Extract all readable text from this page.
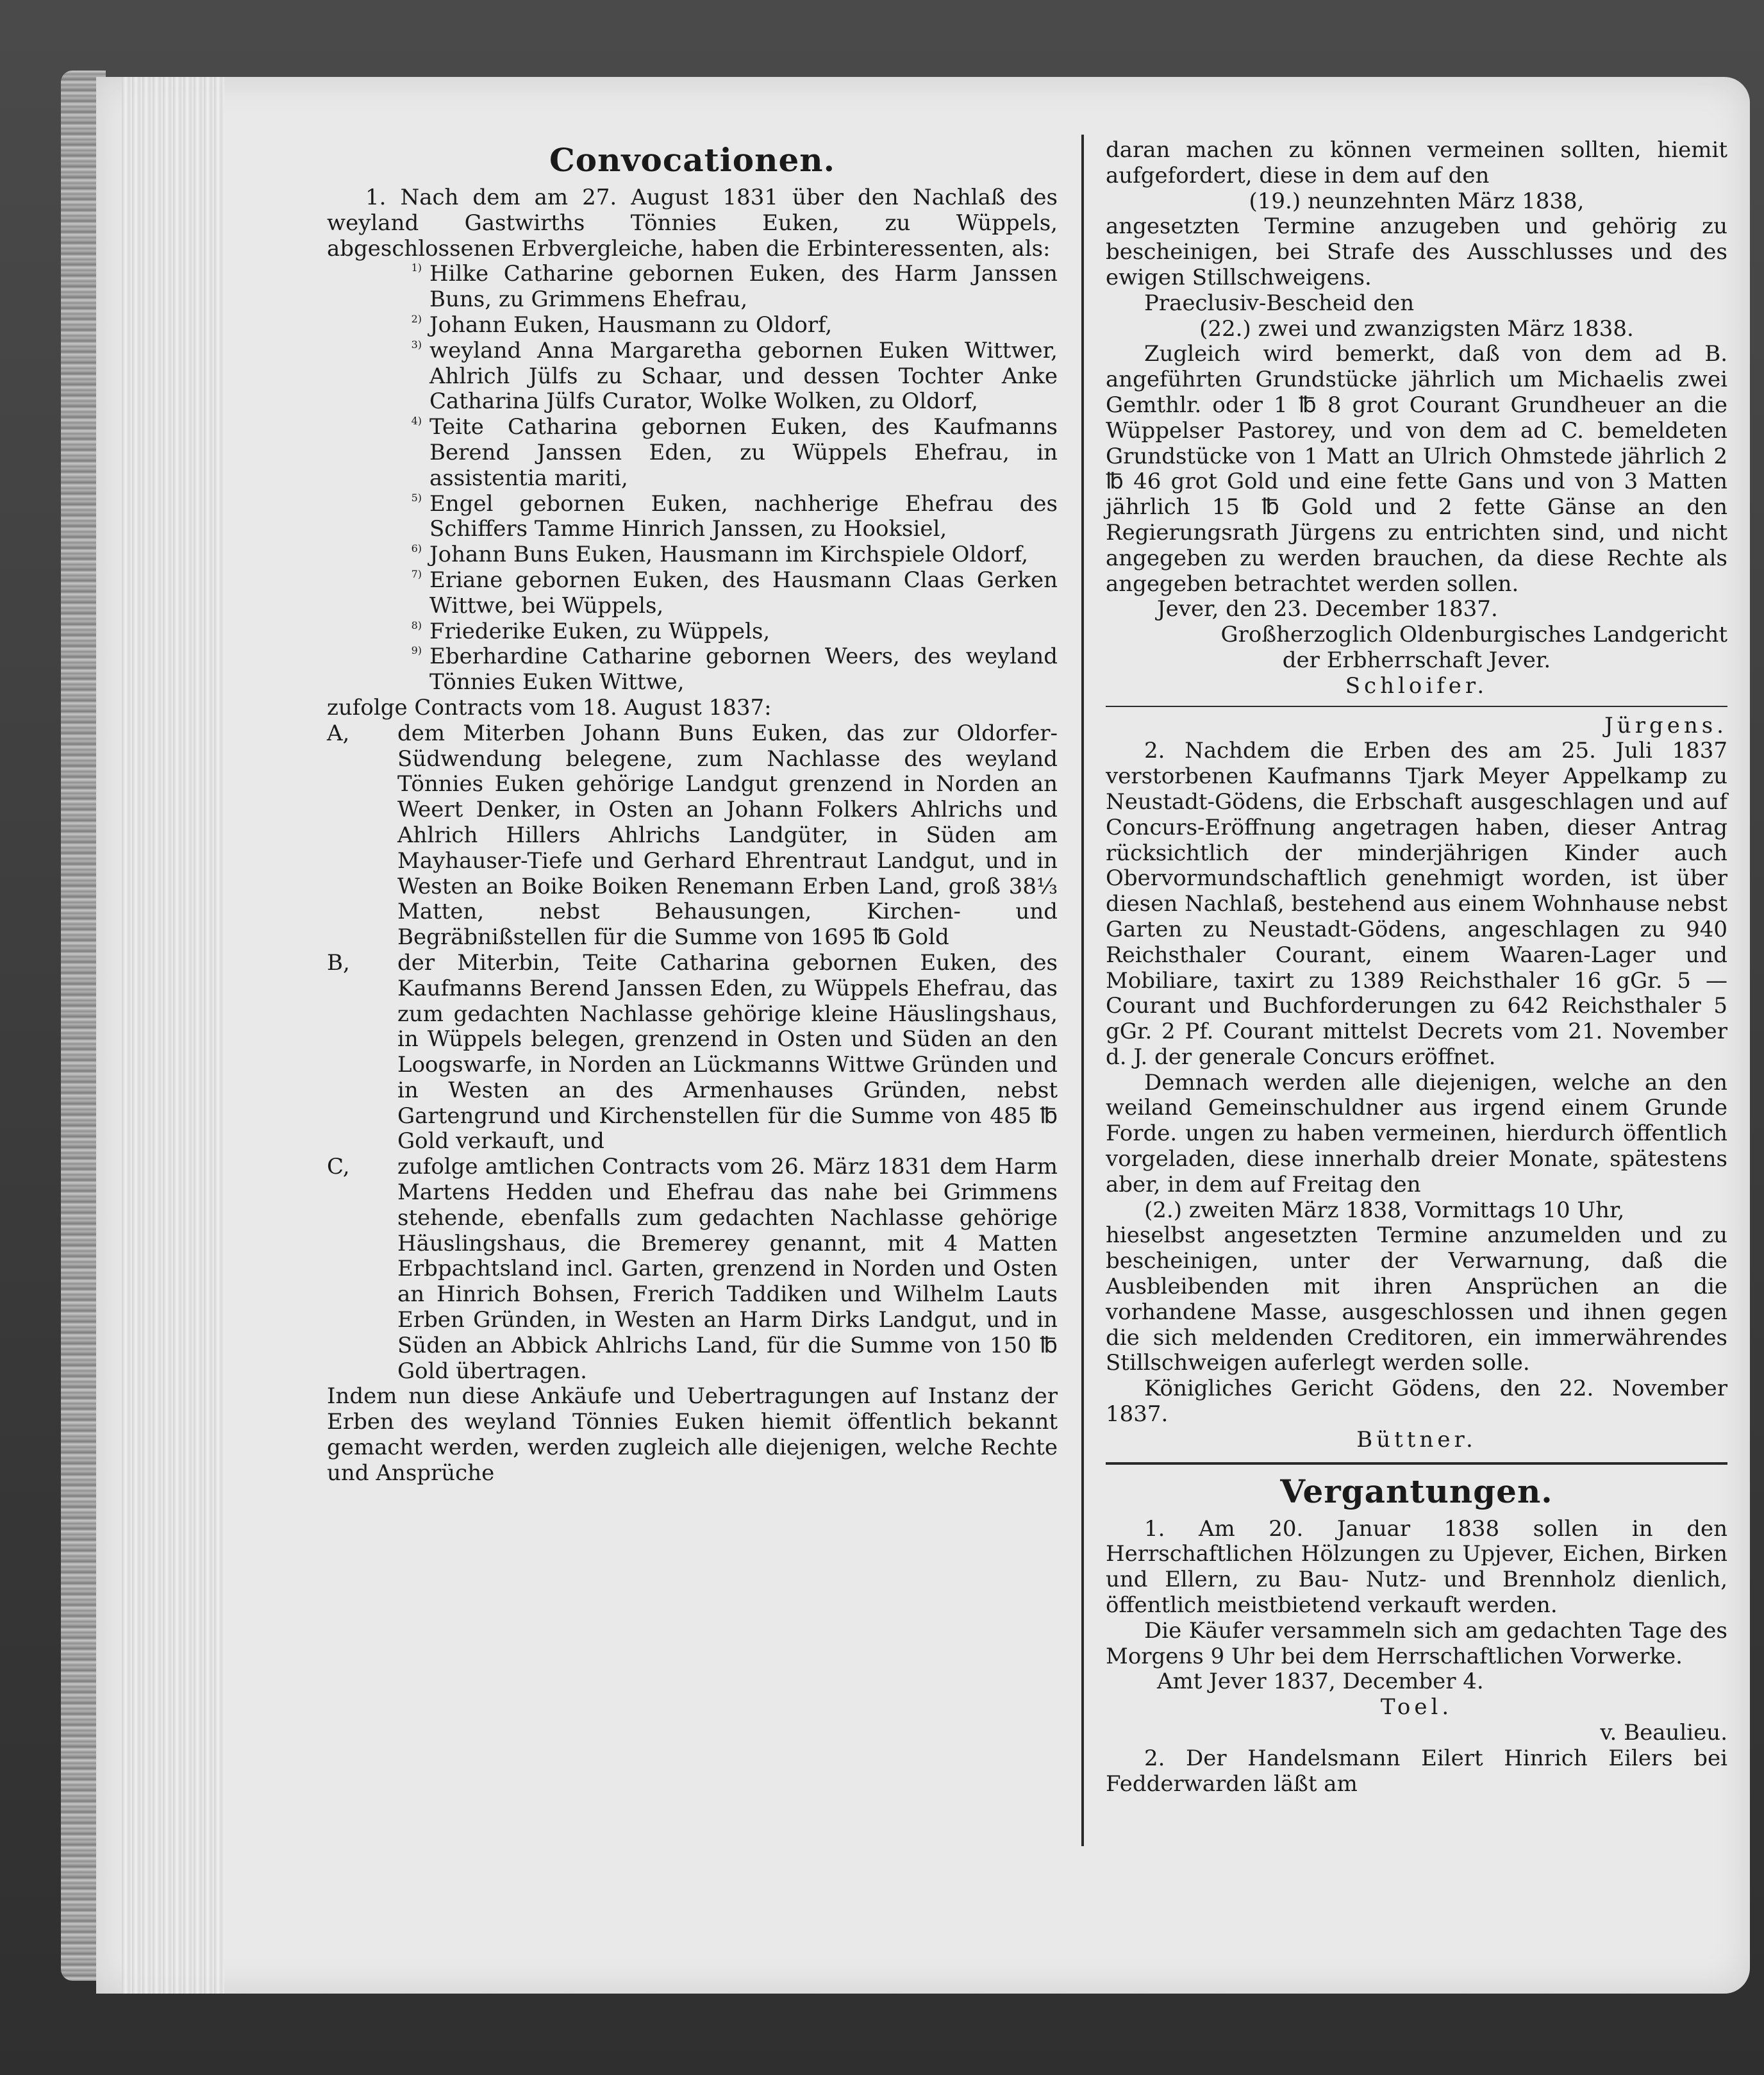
Convocationen.

1. Nach dem am 27. August 1831 über den Nachlaß des weyland Gastwirths Tönnies Euken, zu Wüppels, abgeschlossenen Erbvergleiche, haben die Erbinteressenten, als:

1) Hilke Catharine gebornen Euken, des Harm Janssen Buns, zu Grimmens Ehefrau,
2) Johann Euken, Hausmann zu Oldorf,
3) weyland Anna Margaretha gebornen Euken Wittwer, Ahlrich Jülfs zu Schaar, und dessen Tochter Anke Catharina Jülfs Curator, Wolke Wolken, zu Oldorf,
4) Teite Catharina gebornen Euken, des Kaufmanns Berend Janssen Eden, zu Wüppels Ehefrau, in assistentia mariti,
5) Engel gebornen Euken, nachherige Ehefrau des Schiffers Tamme Hinrich Janssen, zu Hooksiel,
6) Johann Buns Euken, Hausmann im Kirchspiele Oldorf,
7) Eriane gebornen Euken, des Hausmann Claas Gerken Wittwe, bei Wüppels,
8) Friederike Euken, zu Wüppels,
9) Eberhardine Catharine gebornen Weers, des weyland Tönnies Euken Wittwe,

zufolge Contracts vom 18. August 1837:

A,	dem Miterben Johann Buns Euken, das zur Oldorfer-Südwendung belegene, zum Nachlasse des weyland Tönnies Euken gehörige Landgut grenzend in Norden an Weert Denker, in Osten an Johann Folkers Ahlrichs und Ahlrich Hillers Ahlrichs Landgüter, in Süden am Mayhauser-Tiefe und Gerhard Ehrentraut Landgut, und in Westen an Boike Boiken Renemann Erben Land, groß 38⅓ Matten, nebst Behausungen, Kirchen- und Begräbnißstellen für die Summe von 1695 ℔ Gold
B,	der Miterbin, Teite Catharina gebornen Euken, des Kaufmanns Berend Janssen Eden, zu Wüppels Ehefrau, das zum gedachten Nachlasse gehörige kleine Häuslingshaus, in Wüppels belegen, grenzend in Osten und Süden an den Loogswarfe, in Norden an Lückmanns Wittwe Gründen und in Westen an des Armenhauses Gründen, nebst Gartengrund und Kirchenstellen für die Summe von 485 ℔ Gold verkauft, und
C,	zufolge amtlichen Contracts vom 26. März 1831 dem Harm Martens Hedden und Ehefrau das nahe bei Grimmens stehende, ebenfalls zum gedachten Nachlasse gehörige Häuslingshaus, die Bremerey genannt, mit 4 Matten Erbpachtsland incl. Garten, grenzend in Norden und Osten an Hinrich Bohsen, Frerich Taddiken und Wilhelm Lauts Erben Gründen, in Westen an Harm Dirks Landgut, und in Süden an Abbick Ahlrichs Land, für die Summe von 150 ℔ Gold übertragen.

Indem nun diese Ankäufe und Uebertragungen auf Instanz der Erben des weyland Tönnies Euken hiemit öffentlich bekannt gemacht werden, werden zugleich alle diejenigen, welche Rechte und Ansprüche

daran machen zu können vermeinen sollten, hiemit aufgefordert, diese in dem auf den

(19.) neunzehnten März 1838,

angesetzten Termine anzugeben und gehörig zu bescheinigen, bei Strafe des Ausschlusses und des ewigen Stillschweigens.

Praeclusiv-Bescheid den

(22.) zwei und zwanzigsten März 1838.

Zugleich wird bemerkt, daß von dem ad B. angeführten Grundstücke jährlich um Michaelis zwei Gemthlr. oder 1 ℔ 8 grot Courant Grundheuer an die Wüppelser Pastorey, und von dem ad C. bemeldeten Grundstücke von 1 Matt an Ulrich Ohmstede jährlich 2 ℔ 46 grot Gold und eine fette Gans und von 3 Matten jährlich 15 ℔ Gold und 2 fette Gänse an den Regierungsrath Jürgens zu entrichten sind, und nicht angegeben zu werden brauchen, da diese Rechte als angegeben betrachtet werden sollen.

Jever, den 23. December 1837.

Großherzoglich Oldenburgisches Landgericht

der Erbherrschaft Jever.

Schloifer.

Jürgens.

2. Nachdem die Erben des am 25. Juli 1837 verstorbenen Kaufmanns Tjark Meyer Appelkamp zu Neustadt-Gödens, die Erbschaft ausgeschlagen und auf Concurs-Eröffnung angetragen haben, dieser Antrag rücksichtlich der minderjährigen Kinder auch Obervormundschaftlich genehmigt worden, ist über diesen Nachlaß, bestehend aus einem Wohnhause nebst Garten zu Neustadt-Gödens, angeschlagen zu 940 Reichsthaler Courant, einem Waaren-Lager und Mobiliare, taxirt zu 1389 Reichsthaler 16 gGr. 5 — Courant und Buchforderungen zu 642 Reichsthaler 5 gGr. 2 Pf. Courant mittelst Decrets vom 21. November d. J. der generale Concurs eröffnet.

Demnach werden alle diejenigen, welche an den weiland Gemeinschuldner aus irgend einem Grunde Forde. ungen zu haben vermeinen, hierdurch öffentlich vorgeladen, diese innerhalb dreier Monate, spätestens aber, in dem auf Freitag den

(2.) zweiten März 1838, Vormittags 10 Uhr,

hieselbst angesetzten Termine anzumelden und zu bescheinigen, unter der Verwarnung, daß die Ausbleibenden mit ihren Ansprüchen an die vorhandene Masse, ausgeschlossen und ihnen gegen die sich meldenden Creditoren, ein immerwährendes Stillschweigen auferlegt werden solle.

Königliches Gericht Gödens, den 22. November 1837.

Büttner.

Vergantungen.

1. Am 20. Januar 1838 sollen in den Herrschaftlichen Hölzungen zu Upjever, Eichen, Birken und Ellern, zu Bau- Nutz- und Brennholz dienlich, öffentlich meistbietend verkauft werden.

Die Käufer versammeln sich am gedachten Tage des Morgens 9 Uhr bei dem Herrschaftlichen Vorwerke.

Amt Jever 1837, December 4.

Toel.

v. Beaulieu.

2. Der Handelsmann Eilert Hinrich Eilers bei Fedderwarden läßt am
